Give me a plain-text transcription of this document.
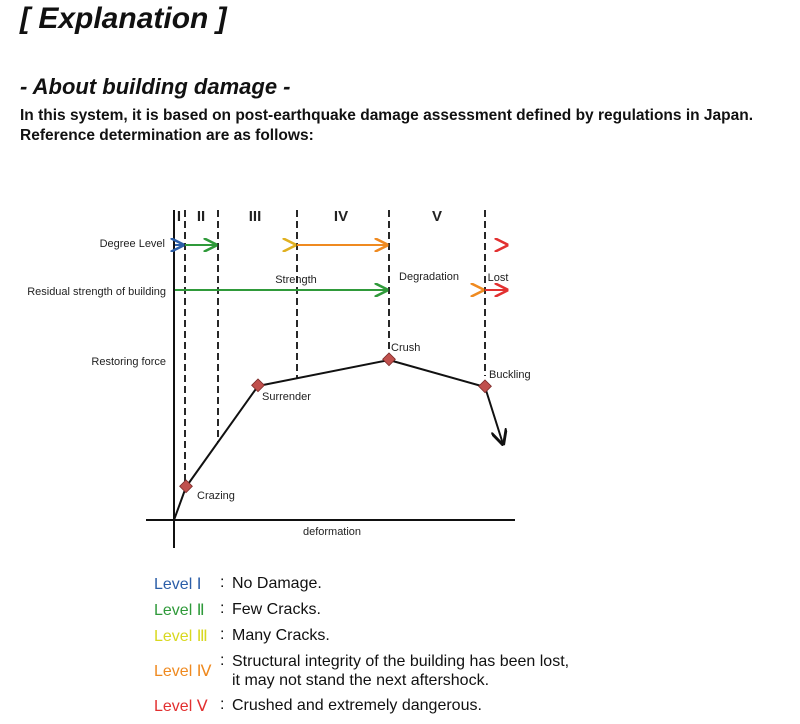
[ Explanation ]
- About building damage -

In this system, it is based on post-earthquake damage assessment defined by regulations in Japan. Reference determination are as follows:

I II	III	IV	V
Degree Level
Residual strength of building
Restoring force
Strength	Degradation	Lost
Crazing
Surrender
Crush
Buckling
deformation
Level Ⅰ	: No Damage.
Level Ⅱ : Few Cracks.
Level Ⅲ : Many Cracks.
Level Ⅳ
: Structural integrity of the building has been lost,
it may not stand the next aftershock.
Level Ⅴ : Crushed and extremely dangerous.
